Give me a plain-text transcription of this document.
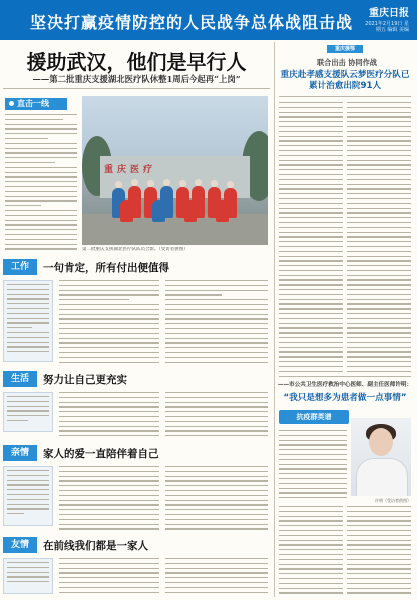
坚决打赢疫情防控的人民战争总体战阻击战 重庆日报
2021年2月19日 星期五 编辑 美编
援助武汉，他们是早行人
——第二批重庆支援湖北医疗队休整1周后今起再“上岗”
直击一线
重庆医疗
第二批重庆支援湖北医疗队队员合影。（受访者供图）
工作	一句肯定，所有付出便值得
生活	努力让自己更充实
亲情	家人的爱一直陪伴着自己
友情	在前线我们都是一家人
重庆援鄂
联合出击 协同作战
重庆赴孝感支援队云梦医疗分队已累计治愈出院91人
——市公共卫生医疗救治中心医师、副主任医师许明：
“我只是想多为患者做一点事情”
抗疫群英谱
许明（受访者供图）
